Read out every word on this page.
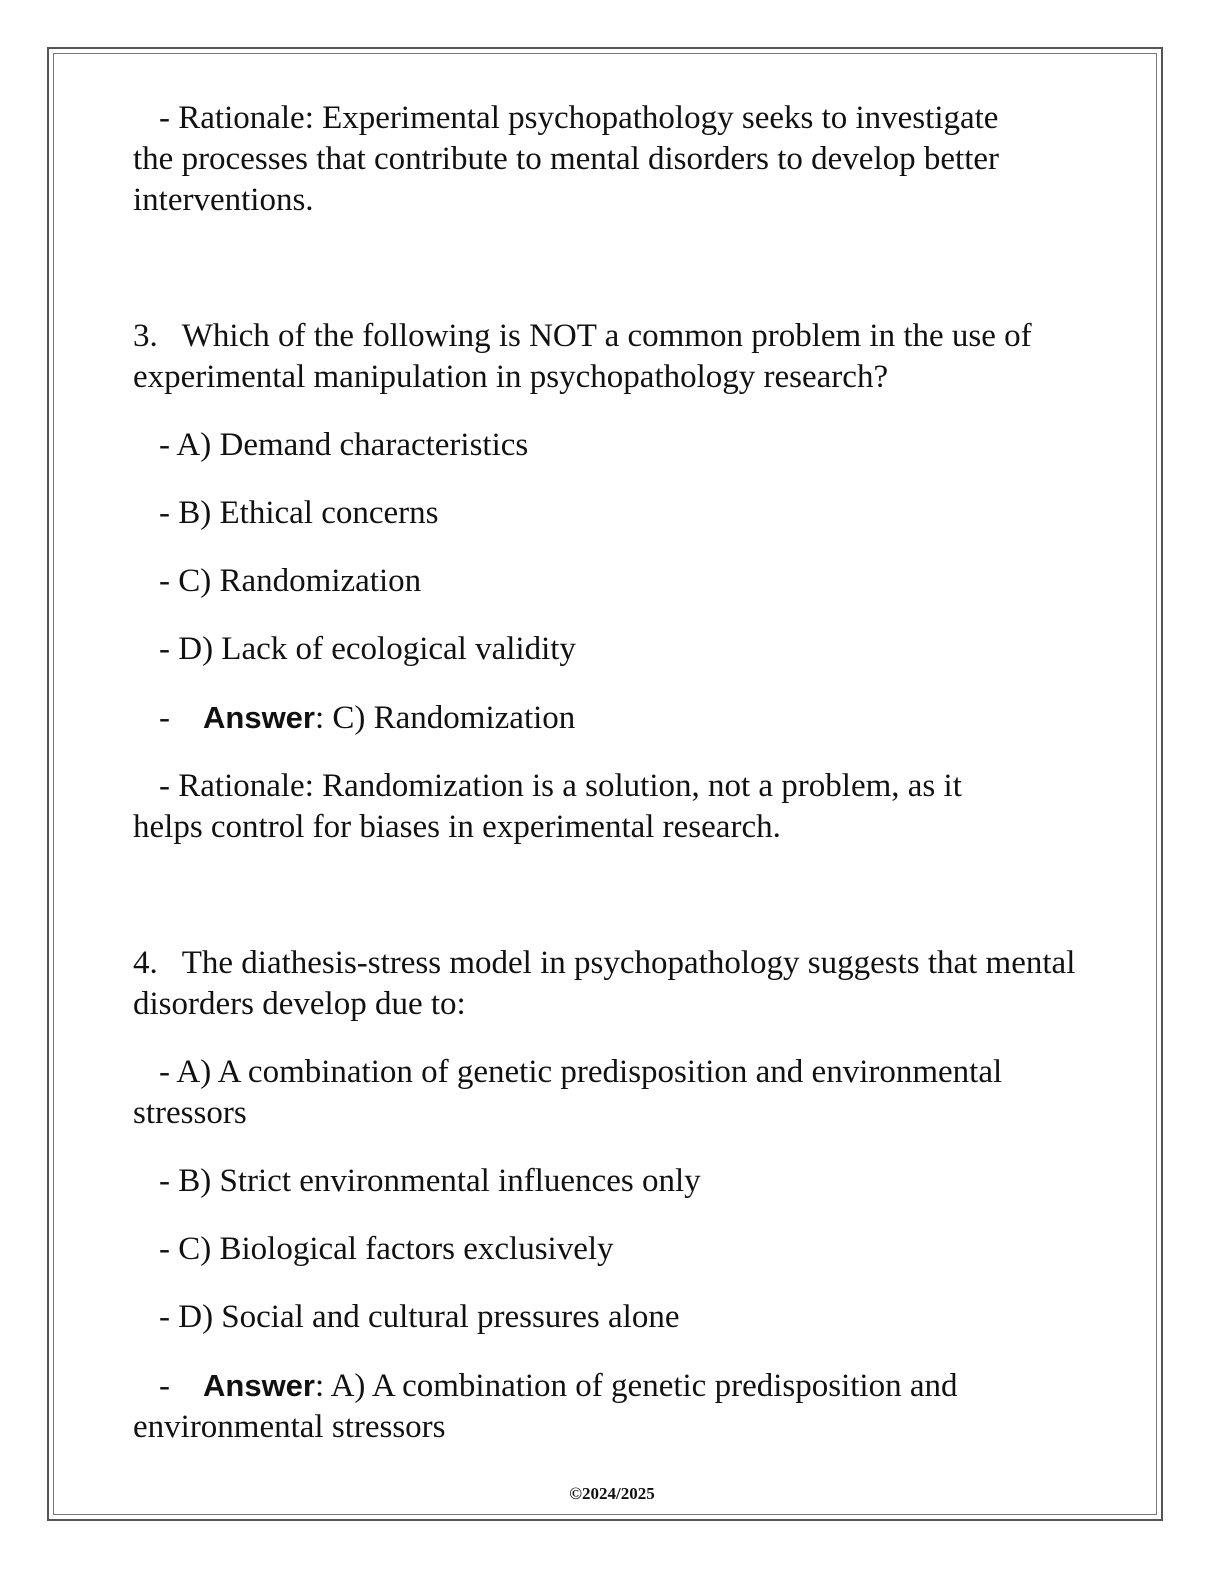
- Rationale: Experimental psychopathology seeks to investigate
the processes that contribute to mental disorders to develop better interventions.
3. Which of the following is NOT a common problem in the use of experimental manipulation in psychopathology research?
- A) Demand characteristics
- B) Ethical concerns
- C) Randomization
- D) Lack of ecological validity
- Answer: C) Randomization
- Rationale: Randomization is a solution, not a problem, as it
helps control for biases in experimental research.
4. The diathesis-stress model in psychopathology suggests that mental disorders develop due to:
- A) A combination of genetic predisposition and environmental
stressors
- B) Strict environmental influences only
- C) Biological factors exclusively
- D) Social and cultural pressures alone
- Answer: A) A combination of genetic predisposition and
environmental stressors
©2024/2025
